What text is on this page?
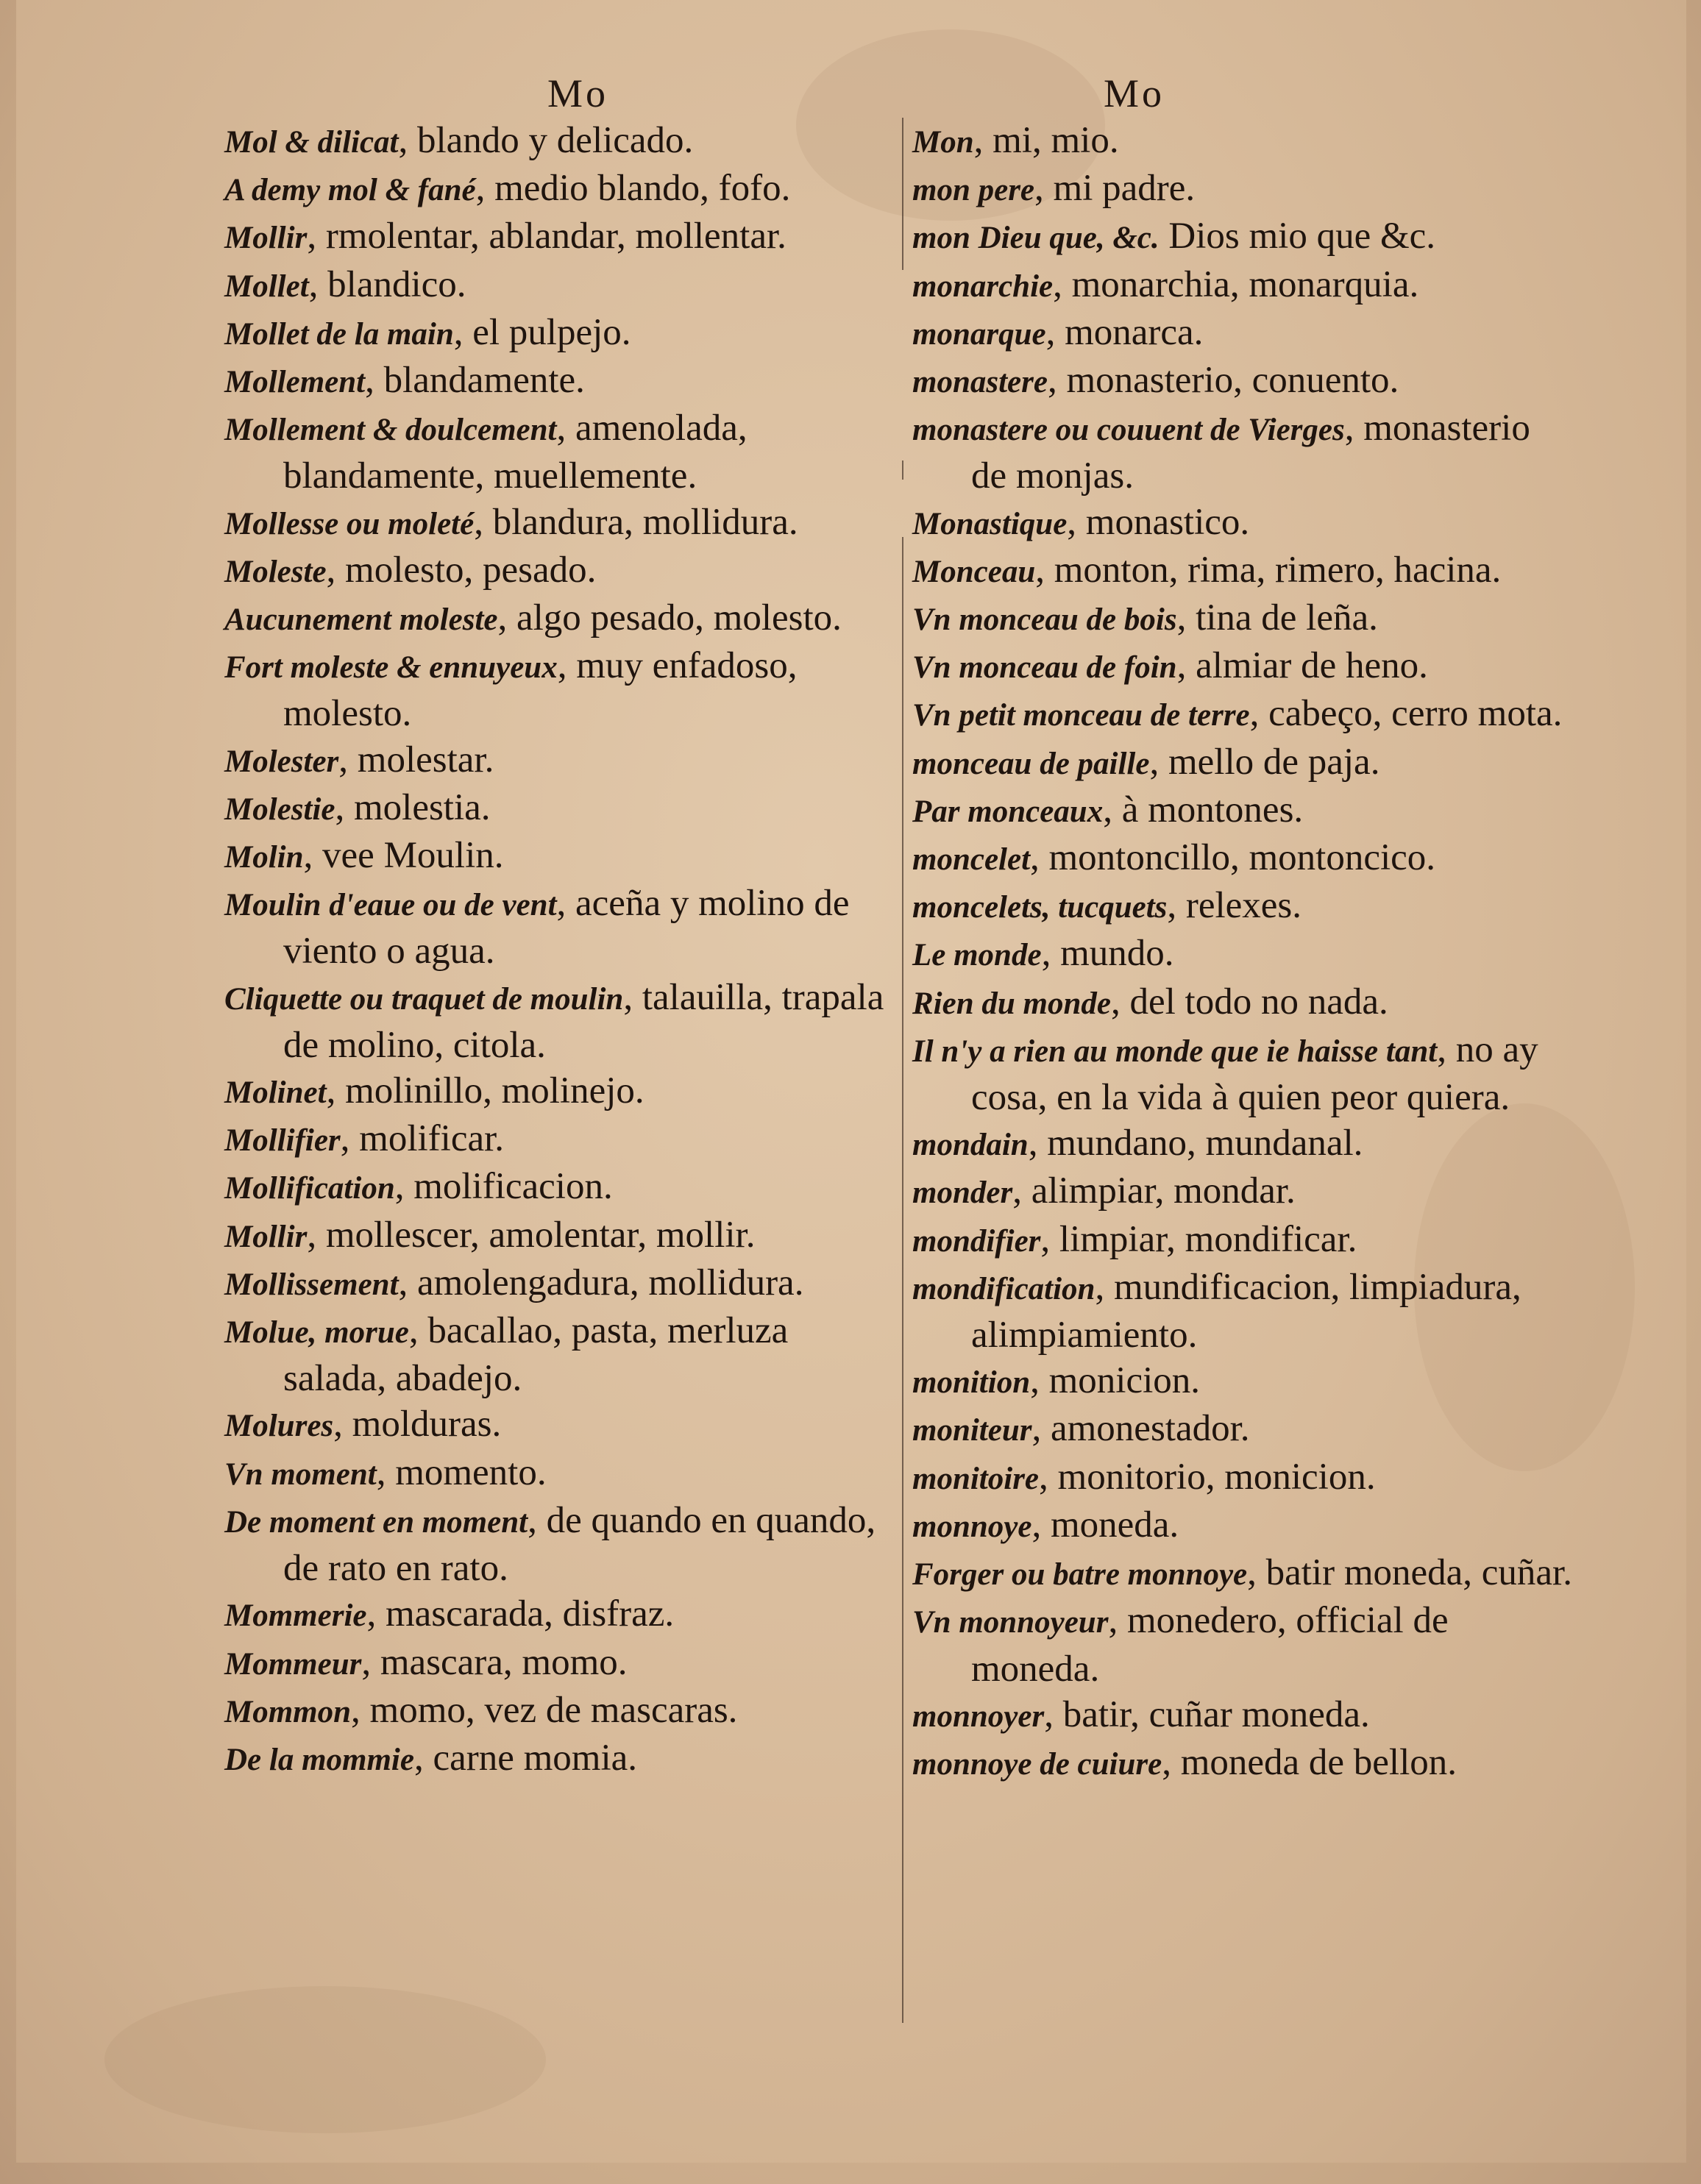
Mo	Mo
Mol & dilicat, blando y delicado.
A demy mol & fané, medio blando, fofo.
Mollir, rmolentar, ablandar, mollentar.
Mollet, blandico.
Mollet de la main, el pulpejo.
Mollement, blandamente.
Mollement & doulcement, amenolada, blandamente, muellemente.
Mollesse ou moleté, blandura, mollidura.
Moleste, molesto, pesado.
Aucunement moleste, algo pesado, molesto.
Fort moleste & ennuyeux, muy enfadoso, molesto.
Molester, molestar.
Molestie, molestia.
Molin, vee Moulin.
Moulin d'eaue ou de vent, aceña y molino de viento o agua.
Cliquette ou traquet de moulin, talauilla, trapala de molino, citola.
Molinet, molinillo, molinejo.
Mollifier, molificar.
Mollification, molificacion.
Mollir, mollescer, amolentar, mollir.
Mollissement, amolengadura, mollidura.
Molue, morue, bacallao, pasta, merluza salada, abadejo.
Molures, molduras.
Vn moment, momento.
De moment en moment, de quando en quando, de rato en rato.
Mommerie, mascarada, disfraz.
Mommeur, mascara, momo.
Mommon, momo, vez de mascaras.
De la mommie, carne momia.
Mon, mi, mio.
mon pere, mi padre.
mon Dieu que, &c. Dios mio que &c.
monarchie, monarchia, monarquia.
monarque, monarca.
monastere, monasterio, conuento.
monastere ou couuent de Vierges, monasterio de monjas.
Monastique, monastico.
Monceau, monton, rima, rimero, hacina.
Vn monceau de bois, tina de leña.
Vn monceau de foin, almiar de heno.
Vn petit monceau de terre, cabeço, cerro mota.
monceau de paille, mello de paja.
Par monceaux, à montones.
moncelet, montoncillo, montoncico.
moncelets, tucquets, relexes.
Le monde, mundo.
Rien du monde, del todo no nada.
Il n'y a rien au monde que ie haisse tant, no ay cosa, en la vida à quien peor quiera.
mondain, mundano, mundanal.
monder, alimpiar, mondar.
mondifier, limpiar, mondificar.
mondification, mundificacion, limpiadura, alimpiamiento.
monition, monicion.
moniteur, amonestador.
monitoire, monitorio, monicion.
monnoye, moneda.
Forger ou batre monnoye, batir moneda, cuñar.
Vn monnoyeur, monedero, official de moneda.
monnoyer, batir, cuñar moneda.
monnoye de cuiure, moneda de bellon.
